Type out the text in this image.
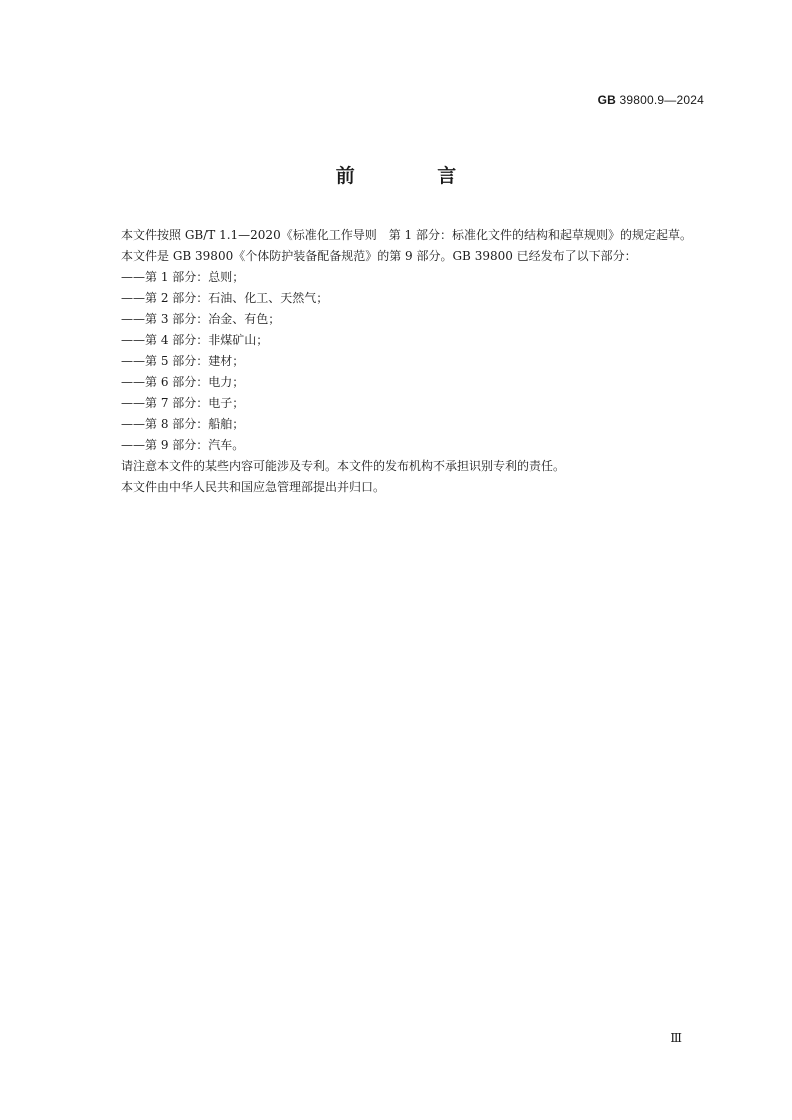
GB 39800.9—2024
前 言

本文件按照 GB/T 1.1—2020《标准化工作导则　第 1 部分：标准化文件的结构和起草规则》的规定起草。

本文件是 GB 39800《个体防护装备配备规范》的第 9 部分。GB 39800 已经发布了以下部分：

——第 1 部分：总则；
——第 2 部分：石油、化工、天然气；
——第 3 部分：冶金、有色；
——第 4 部分：非煤矿山；
——第 5 部分：建材；
——第 6 部分：电力；
——第 7 部分：电子；
——第 8 部分：船舶；
——第 9 部分：汽车。

请注意本文件的某些内容可能涉及专利。本文件的发布机构不承担识别专利的责任。

本文件由中华人民共和国应急管理部提出并归口。

Ⅲ
